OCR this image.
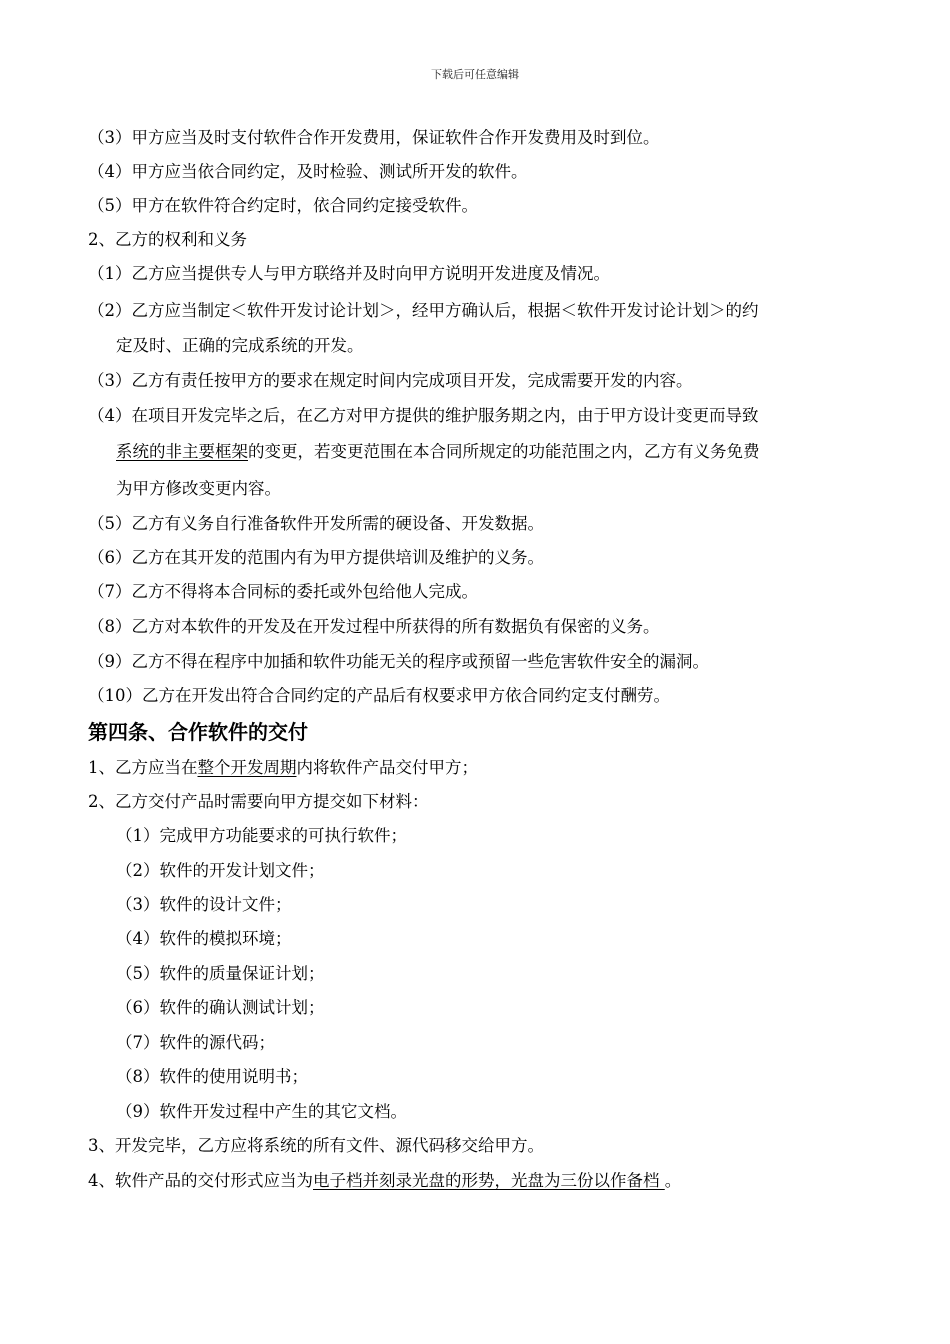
下载后可任意编辑
（3）甲方应当及时支付软件合作开发费用，保证软件合作开发费用及时到位。
（4）甲方应当依合同约定，及时检验、测试所开发的软件。
（5）甲方在软件符合约定时，依合同约定接受软件。
2、乙方的权利和义务
（1）乙方应当提供专人与甲方联络并及时向甲方说明开发进度及情况。
（2）乙方应当制定＜软件开发讨论计划＞，经甲方确认后，根据＜软件开发讨论计划＞的约
定及时、正确的完成系统的开发。
（3）乙方有责任按甲方的要求在规定时间内完成项目开发，完成需要开发的内容。
（4）在项目开发完毕之后，在乙方对甲方提供的维护服务期之内，由于甲方设计变更而导致
系统的非主要框架的变更，若变更范围在本合同所规定的功能范围之内，乙方有义务免费
为甲方修改变更内容。
（5）乙方有义务自行准备软件开发所需的硬设备、开发数据。
（6）乙方在其开发的范围内有为甲方提供培训及维护的义务。
（7）乙方不得将本合同标的委托或外包给他人完成。
（8）乙方对本软件的开发及在开发过程中所获得的所有数据负有保密的义务。
（9）乙方不得在程序中加插和软件功能无关的程序或预留一些危害软件安全的漏洞。
（10）乙方在开发出符合合同约定的产品后有权要求甲方依合同约定支付酬劳。
第四条、合作软件的交付
1、乙方应当在整个开发周期内将软件产品交付甲方；
2、乙方交付产品时需要向甲方提交如下材料：
（1）完成甲方功能要求的可执行软件；
（2）软件的开发计划文件；
（3）软件的设计文件；
（4）软件的模拟环境；
（5）软件的质量保证计划；
（6）软件的确认测试计划；
（7）软件的源代码；
（8）软件的使用说明书；
（9）软件开发过程中产生的其它文档。
3、开发完毕，乙方应将系统的所有文件、源代码移交给甲方。
4、软件产品的交付形式应当为电子档并刻录光盘的形势，光盘为三份以作备档 。
